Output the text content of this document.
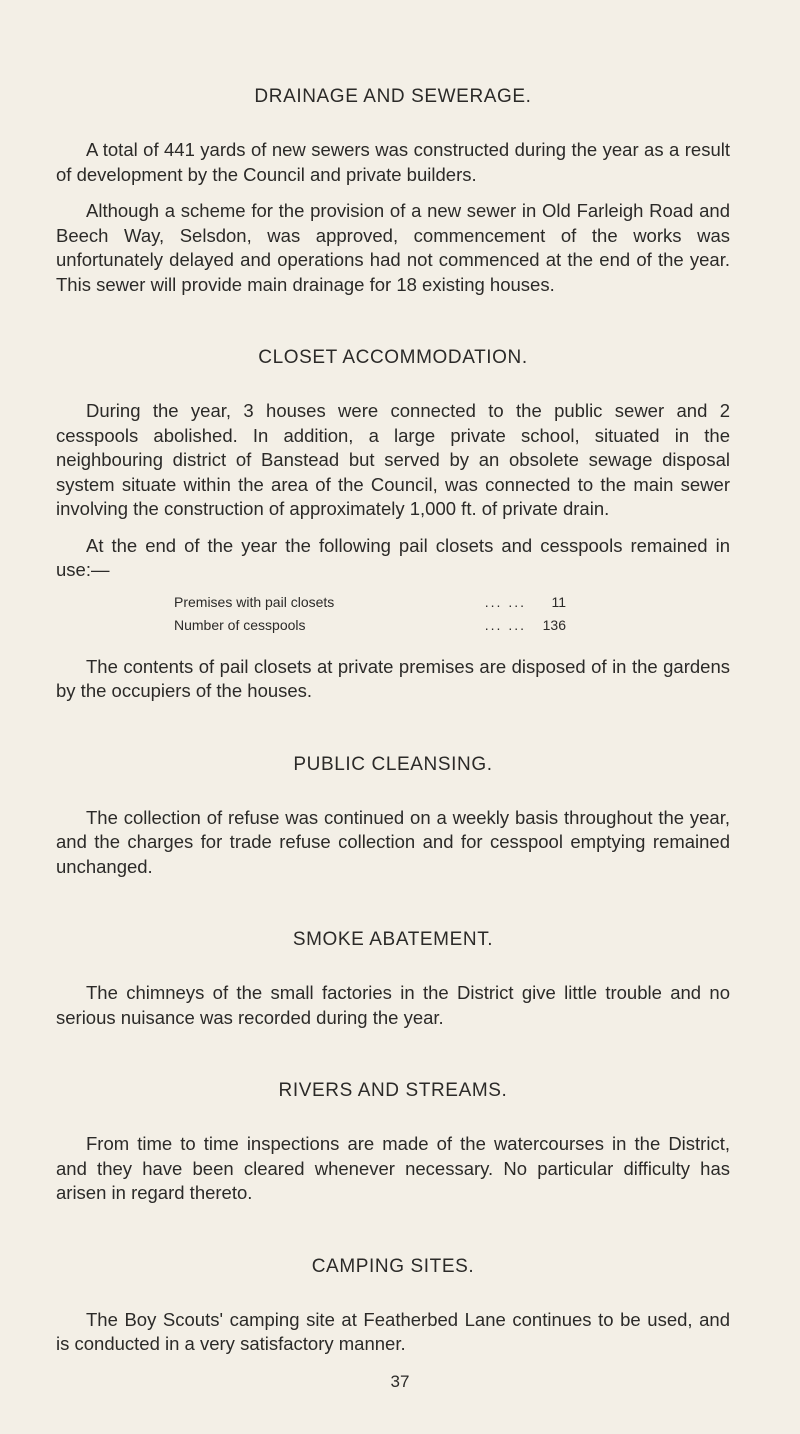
DRAINAGE AND SEWERAGE.

A total of 441 yards of new sewers was constructed during the year as a result of development by the Council and private builders.

Although a scheme for the provision of a new sewer in Old Farleigh Road and Beech Way, Selsdon, was approved, commencement of the works was unfortunately delayed and operations had not commenced at the end of the year. This sewer will provide main drainage for 18 existing houses.

CLOSET ACCOMMODATION.

During the year, 3 houses were connected to the public sewer and 2 cesspools abolished. In addition, a large private school, situated in the neighbouring district of Banstead but served by an obsolete sewage disposal system situate within the area of the Council, was connected to the main sewer involving the construction of approximately 1,000 ft. of private drain.

At the end of the year the following pail closets and cesspools remained in use:—

Premises with pail closets	... ...	11
Number of cesspools	... ...	136

The contents of pail closets at private premises are disposed of in the gardens by the occupiers of the houses.

PUBLIC CLEANSING.

The collection of refuse was continued on a weekly basis throughout the year, and the charges for trade refuse collection and for cesspool emptying remained unchanged.

SMOKE ABATEMENT.

The chimneys of the small factories in the District give little trouble and no serious nuisance was recorded during the year.

RIVERS AND STREAMS.

From time to time inspections are made of the watercourses in the District, and they have been cleared whenever necessary. No particular difficulty has arisen in regard thereto.

CAMPING SITES.

The Boy Scouts' camping site at Featherbed Lane continues to be used, and is conducted in a very satisfactory manner.

37
